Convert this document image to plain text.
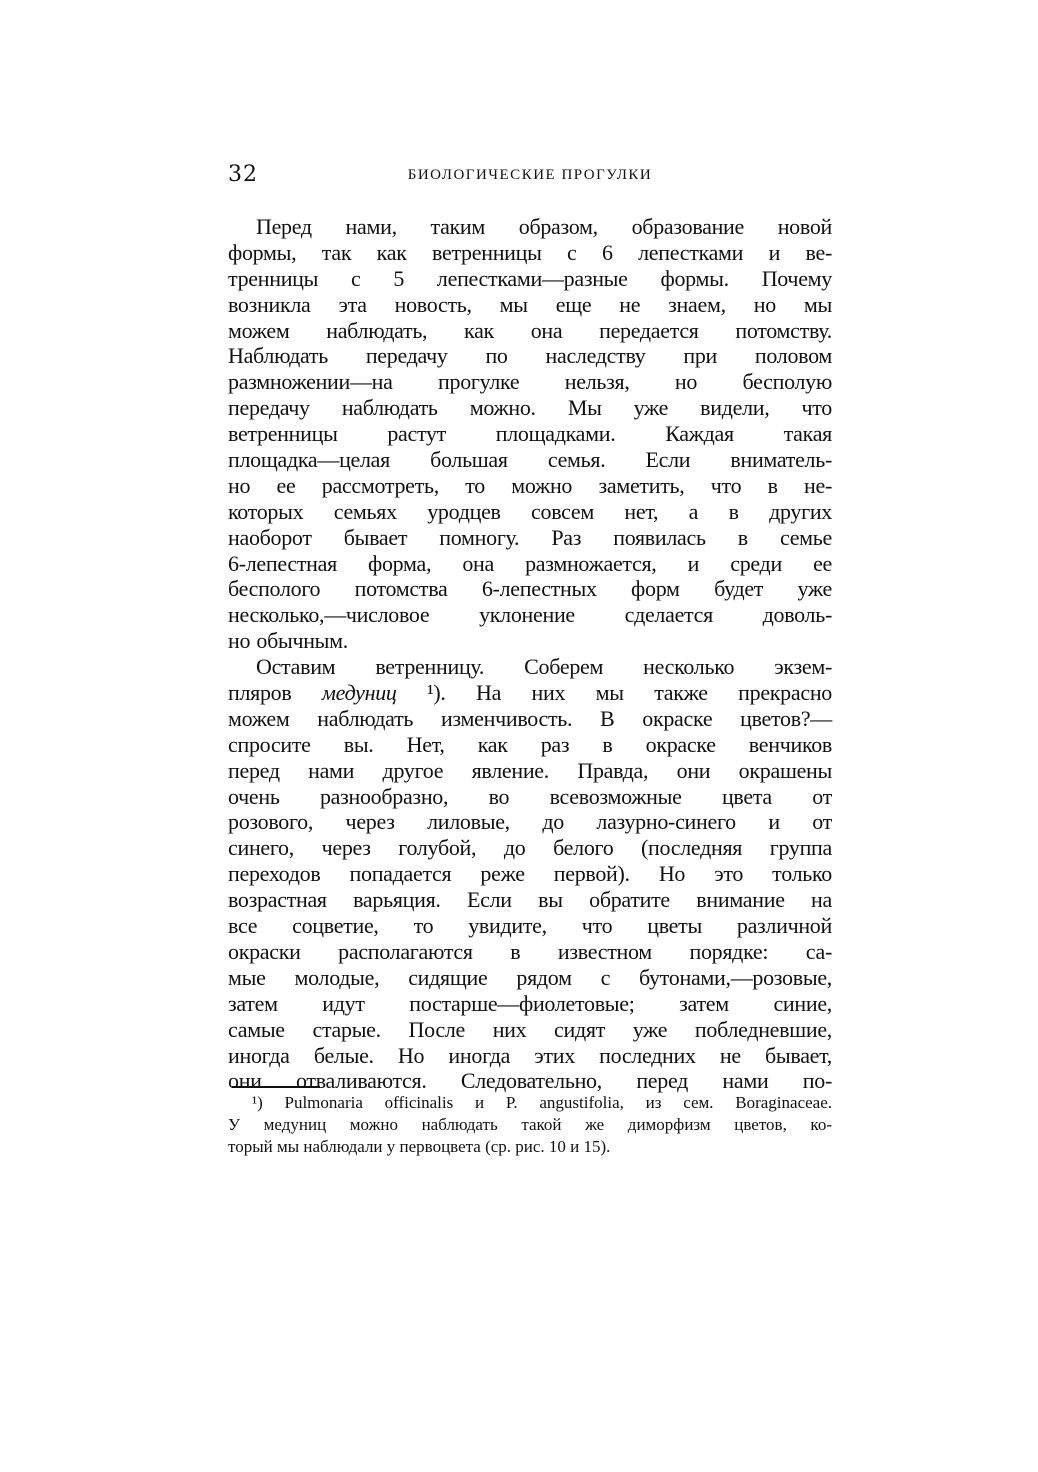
32	БИОЛОГИЧЕСКИЕ ПРОГУЛКИ
Перед нами, таким образом, образование новой
формы, так как ветренницы с 6 лепестками и ве-
тренницы с 5 лепестками—разные формы. Почему
возникла эта новость, мы еще не знаем, но мы
можем наблюдать, как она передается потомству.
Наблюдать передачу по наследству при половом
размножении—на прогулке нельзя, но бесполую
передачу наблюдать можно. Мы уже видели, что
ветренницы растут площадками. Каждая такая
площадка—целая большая семья. Если вниматель-
но ее рассмотреть, то можно заметить, что в не-
которых семьях уродцев совсем нет, а в других
наоборот бывает помногу. Раз появилась в семье
6-лепестная форма, она размножается, и среди ее
бесполого потомства 6-лепестных форм будет уже
несколько,—числовое уклонение сделается доволь-
но обычным.
Оставим ветренницу. Соберем несколько экзем-
пляров медуниц ¹). На них мы также прекрасно
можем наблюдать изменчивость. В окраске цветов?—
спросите вы. Нет, как раз в окраске венчиков
перед нами другое явление. Правда, они окрашены
очень разнообразно, во всевозможные цвета от
розового, через лиловые, до лазурно-синего и от
синего, через голубой, до белого (последняя группа
переходов попадается реже первой). Но это только
возрастная варьяция. Если вы обратите внимание на
все соцветие, то увидите, что цветы различной
окраски располагаются в известном порядке: са-
мые молодые, сидящие рядом с бутонами,—розовые,
затем идут постарше—фиолетовые; затем синие,
самые старые. После них сидят уже побледневшие,
иногда белые. Но иногда этих последних не бывает,
они отваливаются. Следовательно, перед нами по-
¹) Pulmonaria officinalis и P. angustifolia, из сем. Boraginaceae.
У медуниц можно наблюдать такой же диморфизм цветов, ко-
торый мы наблюдали у первоцвета (ср. рис. 10 и 15).
